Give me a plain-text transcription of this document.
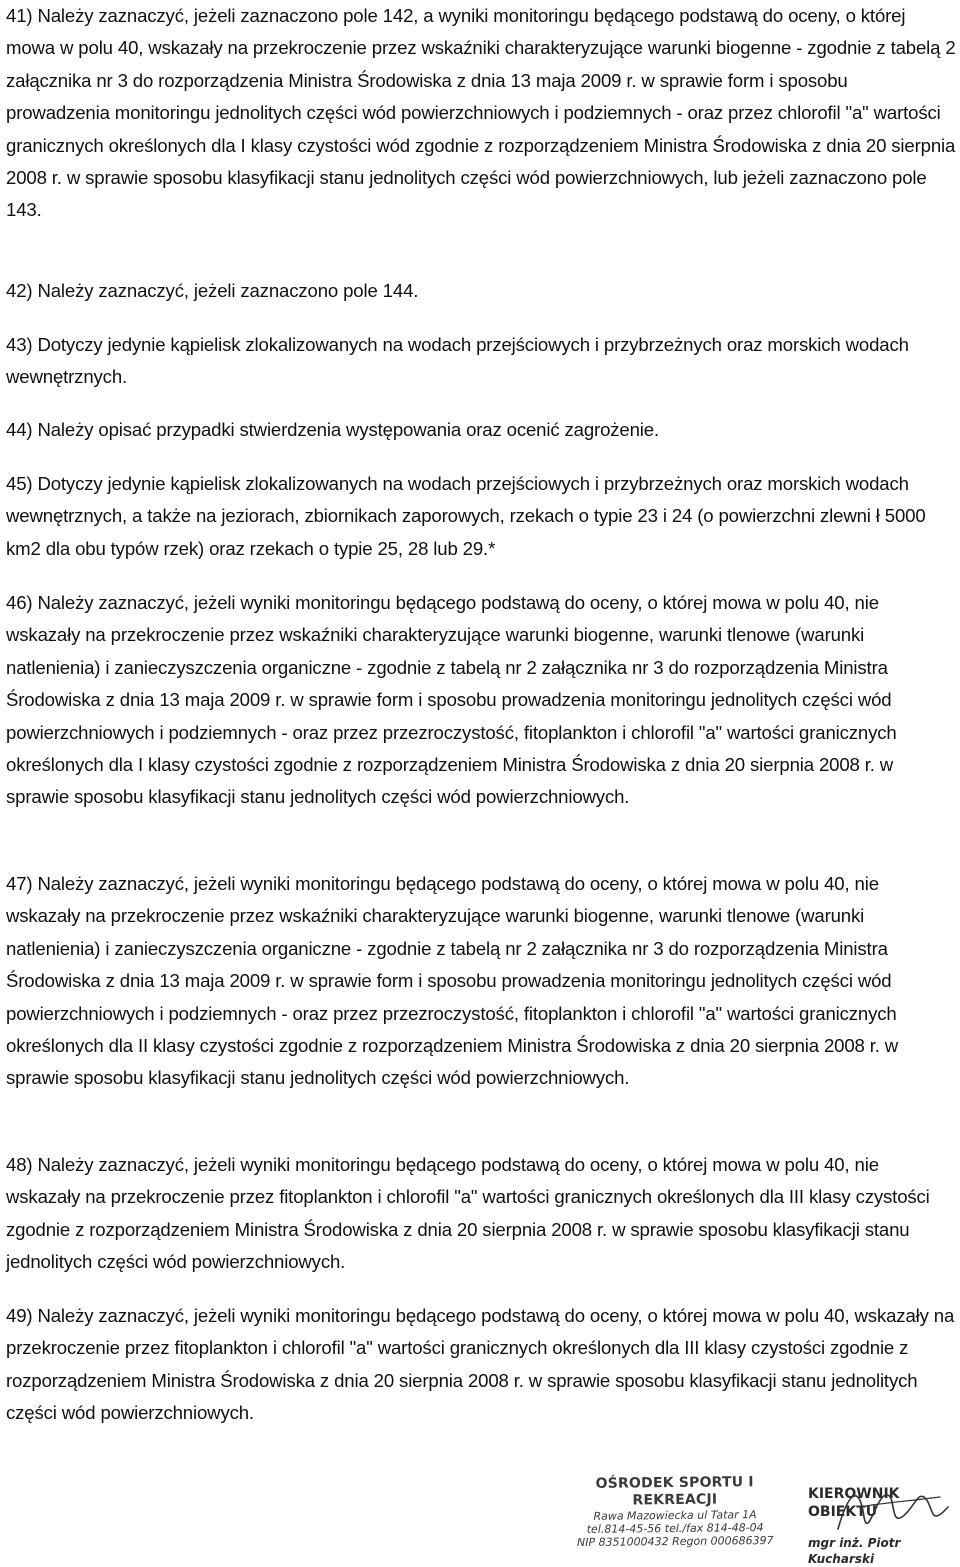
41) Należy zaznaczyć, jeżeli zaznaczono pole 142, a wyniki monitoringu będącego podstawą do oceny, o której mowa w polu 40, wskazały na przekroczenie przez wskaźniki charakteryzujące warunki biogenne - zgodnie z tabelą 2 załącznika nr 3 do rozporządzenia Ministra Środowiska z dnia 13 maja 2009 r. w sprawie form i sposobu prowadzenia monitoringu jednolitych części wód powierzchniowych i podziemnych - oraz przez chlorofil "a" wartości granicznych określonych dla I klasy czystości wód zgodnie z rozporządzeniem Ministra Środowiska z dnia 20 sierpnia 2008 r. w sprawie sposobu klasyfikacji stanu jednolitych części wód powierzchniowych, lub jeżeli zaznaczono pole 143.

42) Należy zaznaczyć, jeżeli zaznaczono pole 144.

43) Dotyczy jedynie kąpielisk zlokalizowanych na wodach przejściowych i przybrzeżnych oraz morskich wodach wewnętrznych.

44) Należy opisać przypadki stwierdzenia występowania oraz ocenić zagrożenie.

45) Dotyczy jedynie kąpielisk zlokalizowanych na wodach przejściowych i przybrzeżnych oraz morskich wodach wewnętrznych, a także na jeziorach, zbiornikach zaporowych, rzekach o typie 23 i 24 (o powierzchni zlewni ł 5000 km2 dla obu typów rzek) oraz rzekach o typie 25, 28 lub 29.*

46) Należy zaznaczyć, jeżeli wyniki monitoringu będącego podstawą do oceny, o której mowa w polu 40, nie wskazały na przekroczenie przez wskaźniki charakteryzujące warunki biogenne, warunki tlenowe (warunki natlenienia) i zanieczyszczenia organiczne - zgodnie z tabelą nr 2 załącznika nr 3 do rozporządzenia Ministra Środowiska z dnia 13 maja 2009 r. w sprawie form i sposobu prowadzenia monitoringu jednolitych części wód powierzchniowych i podziemnych - oraz przez przezroczystość, fitoplankton i chlorofil "a" wartości granicznych określonych dla I klasy czystości zgodnie z rozporządzeniem Ministra Środowiska z dnia 20 sierpnia 2008 r. w sprawie sposobu klasyfikacji stanu jednolitych części wód powierzchniowych.

47) Należy zaznaczyć, jeżeli wyniki monitoringu będącego podstawą do oceny, o której mowa w polu 40, nie wskazały na przekroczenie przez wskaźniki charakteryzujące warunki biogenne, warunki tlenowe (warunki natlenienia) i zanieczyszczenia organiczne - zgodnie z tabelą nr 2 załącznika nr 3 do rozporządzenia Ministra Środowiska z dnia 13 maja 2009 r. w sprawie form i sposobu prowadzenia monitoringu jednolitych części wód powierzchniowych i podziemnych - oraz przez przezroczystość, fitoplankton i chlorofil "a" wartości granicznych określonych dla II klasy czystości zgodnie z rozporządzeniem Ministra Środowiska z dnia 20 sierpnia 2008 r. w sprawie sposobu klasyfikacji stanu jednolitych części wód powierzchniowych.

48) Należy zaznaczyć, jeżeli wyniki monitoringu będącego podstawą do oceny, o której mowa w polu 40, nie wskazały na przekroczenie przez fitoplankton i chlorofil "a" wartości granicznych określonych dla III klasy czystości zgodnie z rozporządzeniem Ministra Środowiska z dnia 20 sierpnia 2008 r. w sprawie sposobu klasyfikacji stanu jednolitych części wód powierzchniowych.

49) Należy zaznaczyć, jeżeli wyniki monitoringu będącego podstawą do oceny, o której mowa w polu 40, wskazały na przekroczenie przez fitoplankton i chlorofil "a" wartości granicznych określonych dla III klasy czystości zgodnie z rozporządzeniem Ministra Środowiska z dnia 20 sierpnia 2008 r. w sprawie sposobu klasyfikacji stanu jednolitych części wód powierzchniowych.

OŚRODEK SPORTU I REKREACJI
Rawa Mazowiecka ul Tatar 1A
tel.814-45-56 tel./fax 814-48-04
NIP 8351000432 Regon 000686397
KIEROWNIK OBIEKTU
mgr inż. Piotr Kucharski
